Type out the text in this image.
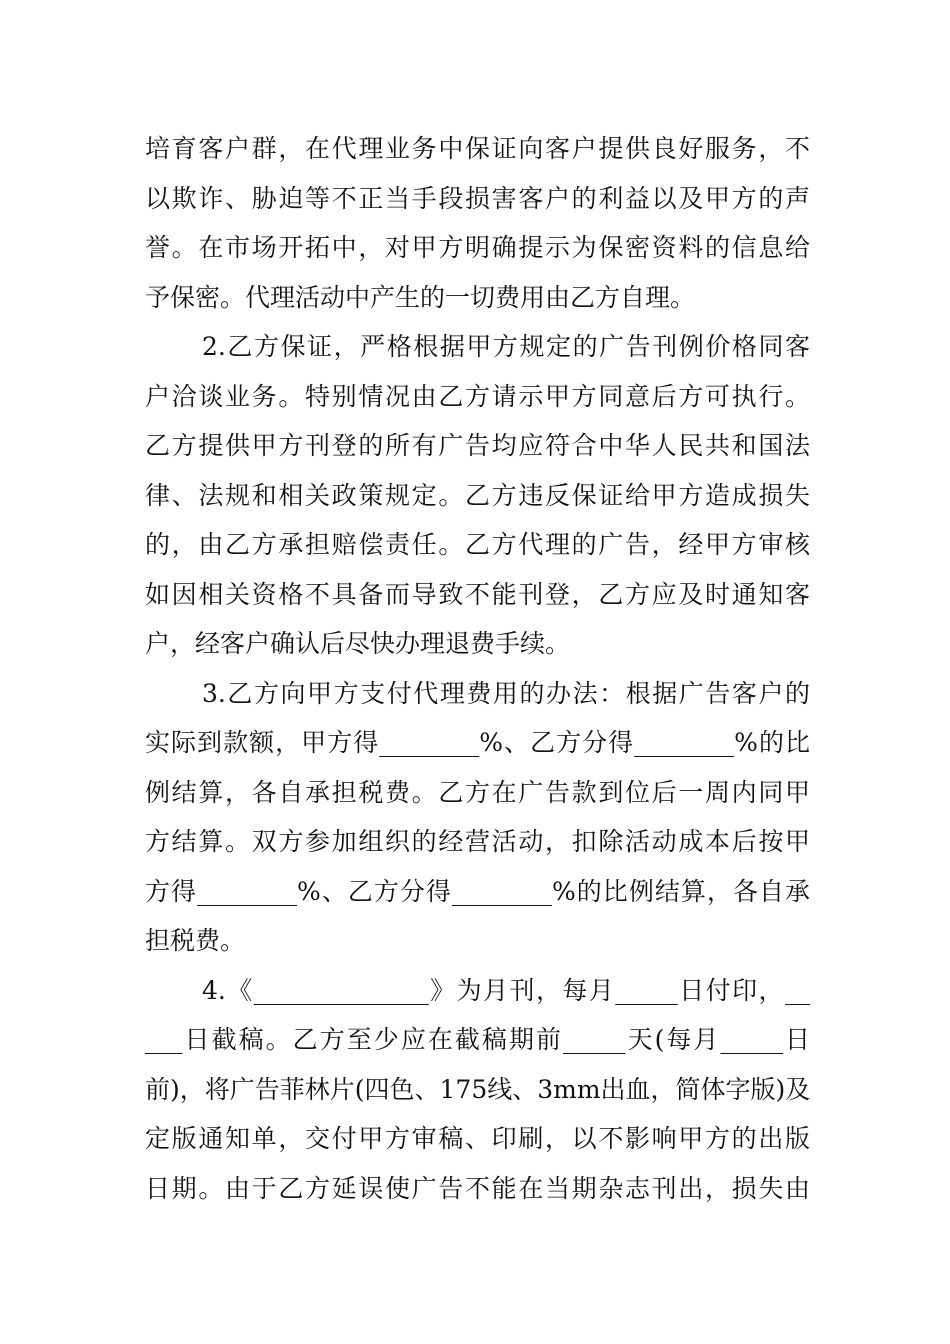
培育客户群，在代理业务中保证向客户提供良好服务，不
以欺诈、胁迫等不正当手段损害客户的利益以及甲方的声
誉。在市场开拓中，对甲方明确提示为保密资料的信息给
予保密。代理活动中产生的一切费用由乙方自理。
2.乙方保证，严格根据甲方规定的广告刊例价格同客
户洽谈业务。特别情况由乙方请示甲方同意后方可执行。
乙方提供甲方刊登的所有广告均应符合中华人民共和国法
律、法规和相关政策规定。乙方违反保证给甲方造成损失
的，由乙方承担赔偿责任。乙方代理的广告，经甲方审核
如因相关资格不具备而导致不能刊登，乙方应及时通知客
户，经客户确认后尽快办理退费手续。
3.乙方向甲方支付代理费用的办法：根据广告客户的
实际到款额，甲方得________%、乙方分得________%的比
例结算，各自承担税费。乙方在广告款到位后一周内同甲
方结算。双方参加组织的经营活动，扣除活动成本后按甲
方得________%、乙方分得________%的比例结算，各自承
担税费。
4.《______________》为月刊，每月_____日付印，__
___日截稿。乙方至少应在截稿期前_____天(每月_____日
前)，将广告菲林片(四色、175线、3mm出血，简体字版)及
定版通知单，交付甲方审稿、印刷，以不影响甲方的出版
日期。由于乙方延误使广告不能在当期杂志刊出，损失由
